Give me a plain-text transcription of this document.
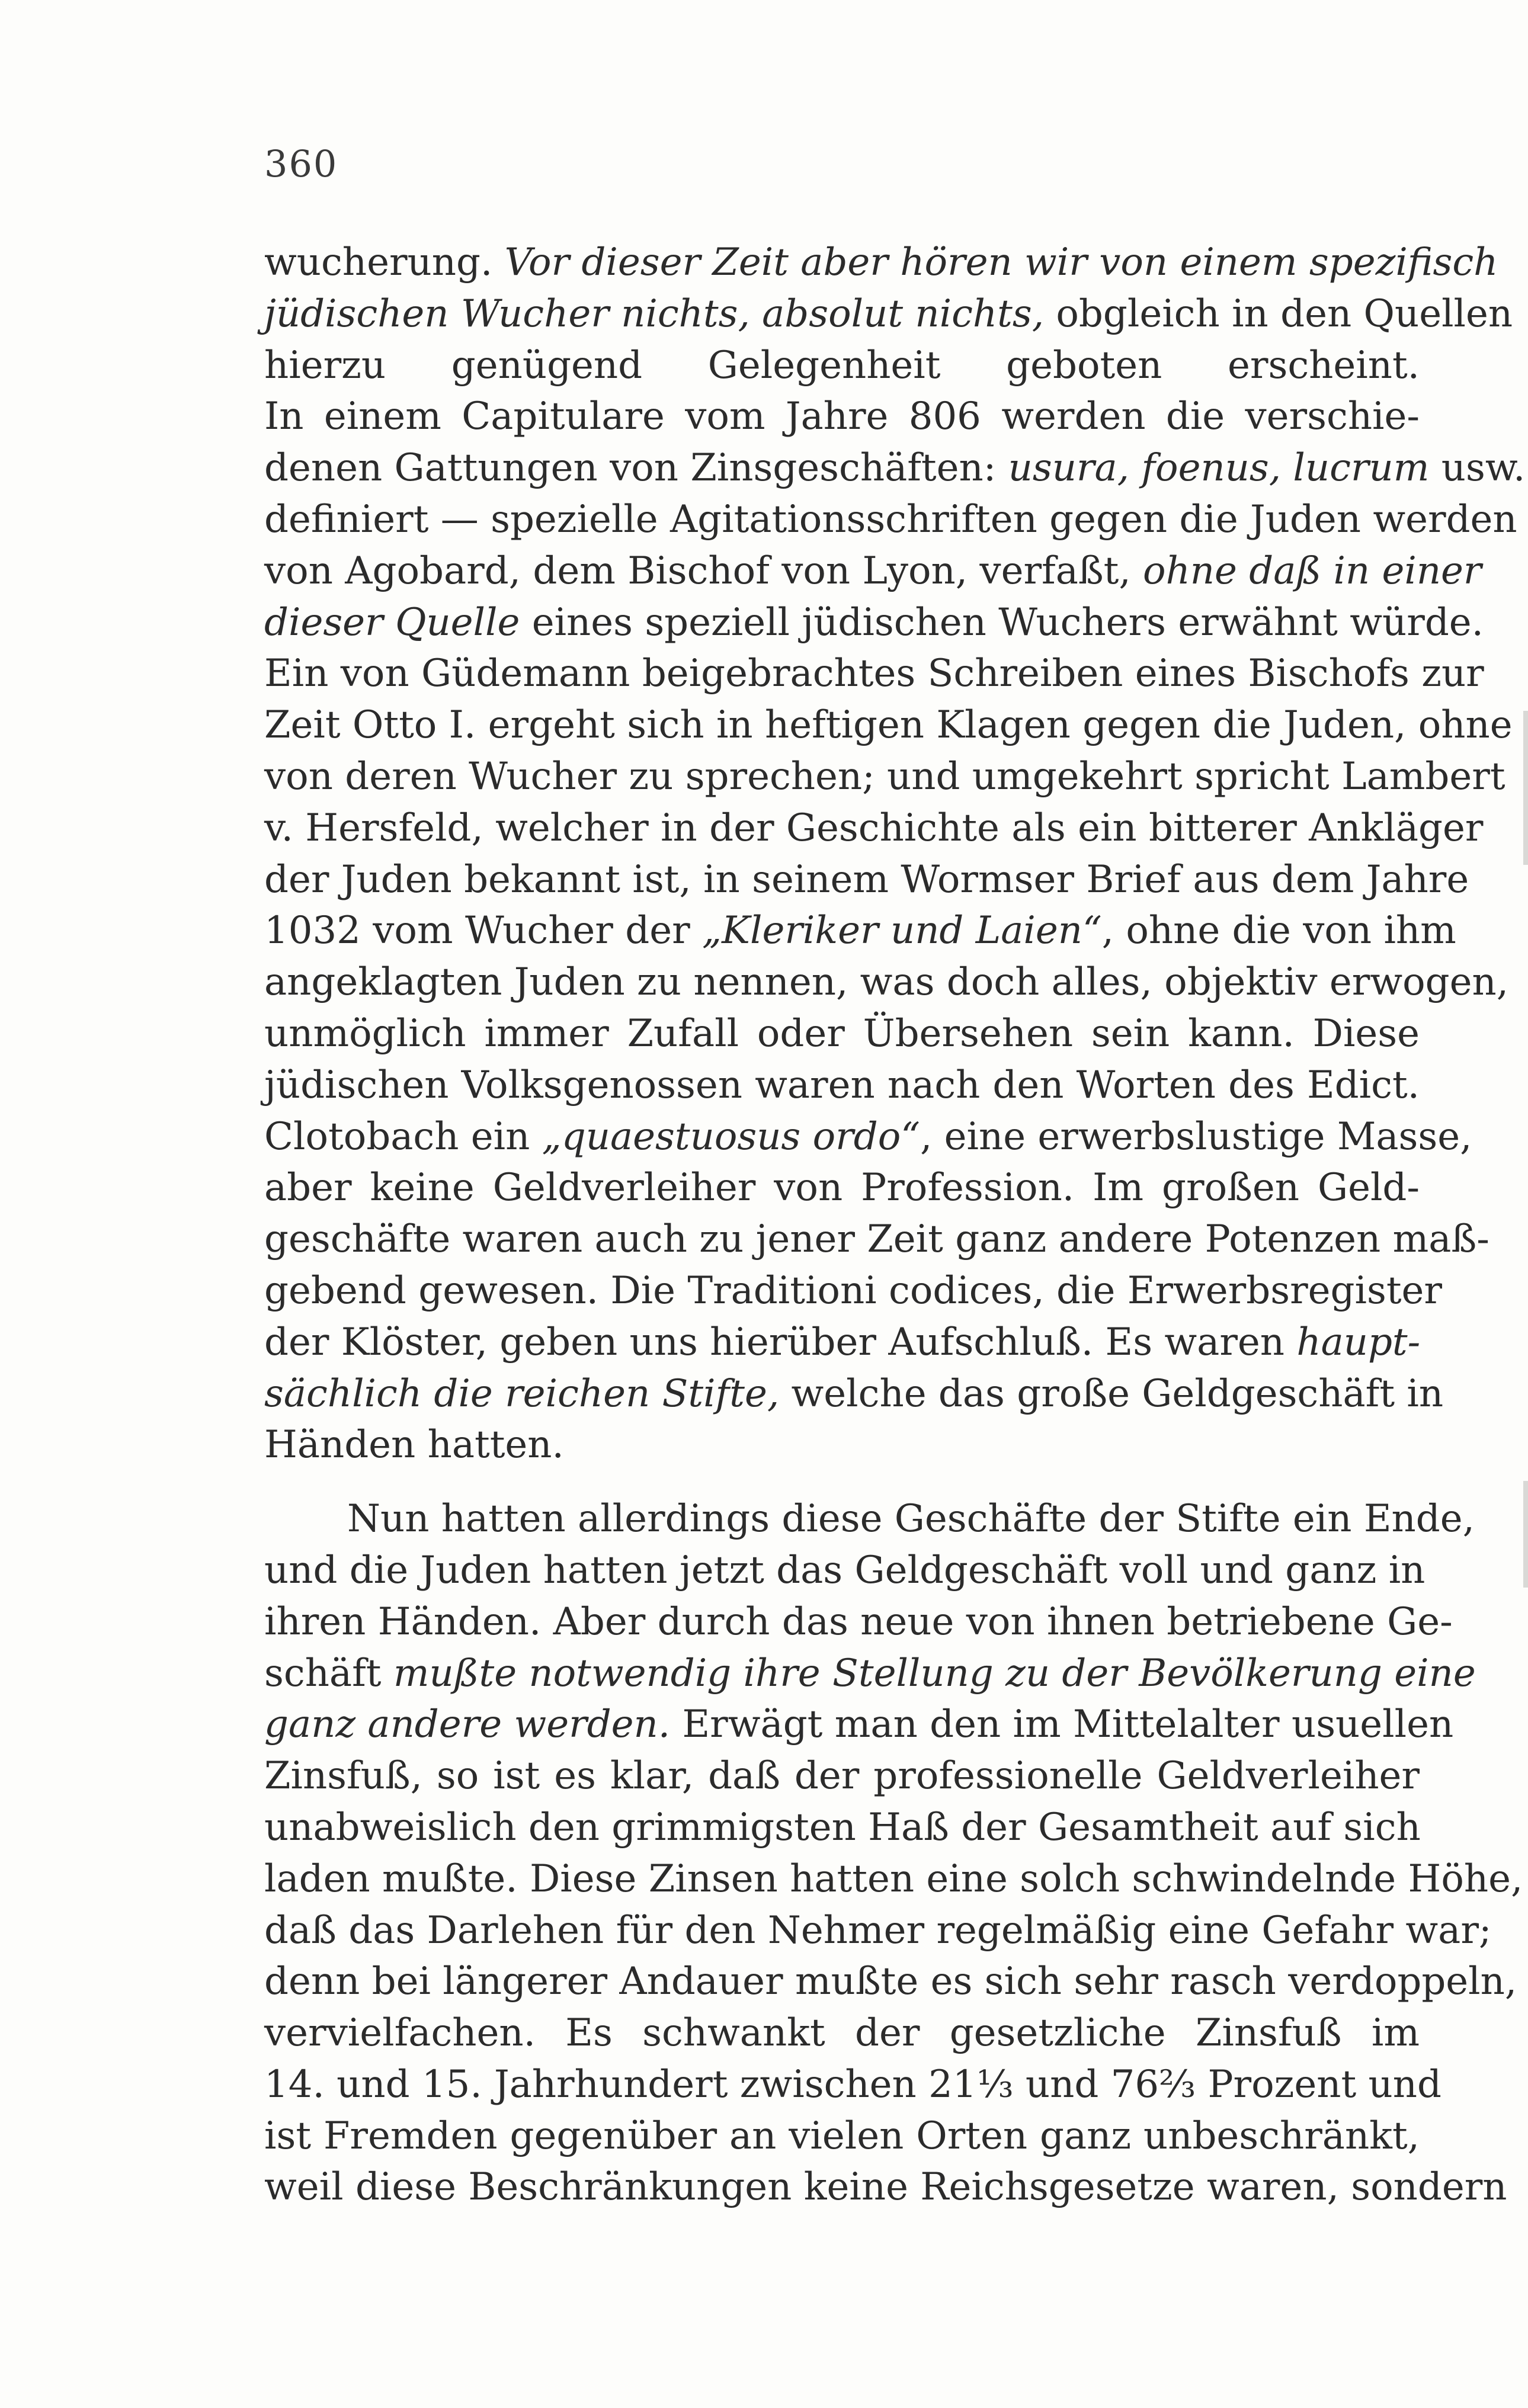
360
wucherung. Vor dieser Zeit aber hören wir von einem spezifisch
jüdischen Wucher nichts, absolut nichts, obgleich in den Quellen
hierzu genügend Gelegenheit geboten erscheint.
In einem Capitulare vom Jahre 806 werden die verschie-
denen Gattungen von Zinsgeschäften: usura, foenus, lucrum usw.
definiert — spezielle Agitationsschriften gegen die Juden werden
von Agobard, dem Bischof von Lyon, verfaßt, ohne daß in einer
dieser Quelle eines speziell jüdischen Wuchers erwähnt würde.
Ein von Güdemann beigebrachtes Schreiben eines Bischofs zur
Zeit Otto I. ergeht sich in heftigen Klagen gegen die Juden, ohne
von deren Wucher zu sprechen; und umgekehrt spricht Lambert
v. Hersfeld, welcher in der Geschichte als ein bitterer Ankläger
der Juden bekannt ist, in seinem Wormser Brief aus dem Jahre
1032 vom Wucher der „Kleriker und Laien“, ohne die von ihm
angeklagten Juden zu nennen, was doch alles, objektiv erwogen,
unmöglich immer Zufall oder Übersehen sein kann. Diese
jüdischen Volksgenossen waren nach den Worten des Edict.
Clotobach ein „quaestuosus ordo“, eine erwerbslustige Masse,
aber keine Geldverleiher von Profession. Im großen Geld-
geschäfte waren auch zu jener Zeit ganz andere Potenzen maß-
gebend gewesen. Die Traditioni codices, die Erwerbsregister
der Klöster, geben uns hierüber Aufschluß. Es waren haupt-
sächlich die reichen Stifte, welche das große Geldgeschäft in
Händen hatten.
Nun hatten allerdings diese Geschäfte der Stifte ein Ende,
und die Juden hatten jetzt das Geldgeschäft voll und ganz in
ihren Händen. Aber durch das neue von ihnen betriebene Ge-
schäft mußte notwendig ihre Stellung zu der Bevölkerung eine
ganz andere werden. Erwägt man den im Mittelalter usuellen
Zinsfuß, so ist es klar, daß der professionelle Geldverleiher
unabweislich den grimmigsten Haß der Gesamtheit auf sich
laden mußte. Diese Zinsen hatten eine solch schwindelnde Höhe,
daß das Darlehen für den Nehmer regelmäßig eine Gefahr war;
denn bei längerer Andauer mußte es sich sehr rasch verdoppeln,
vervielfachen. Es schwankt der gesetzliche Zinsfuß im
14. und 15. Jahrhundert zwischen 21⅓ und 76⅔ Prozent und
ist Fremden gegenüber an vielen Orten ganz unbeschränkt,
weil diese Beschränkungen keine Reichsgesetze waren, sondern
